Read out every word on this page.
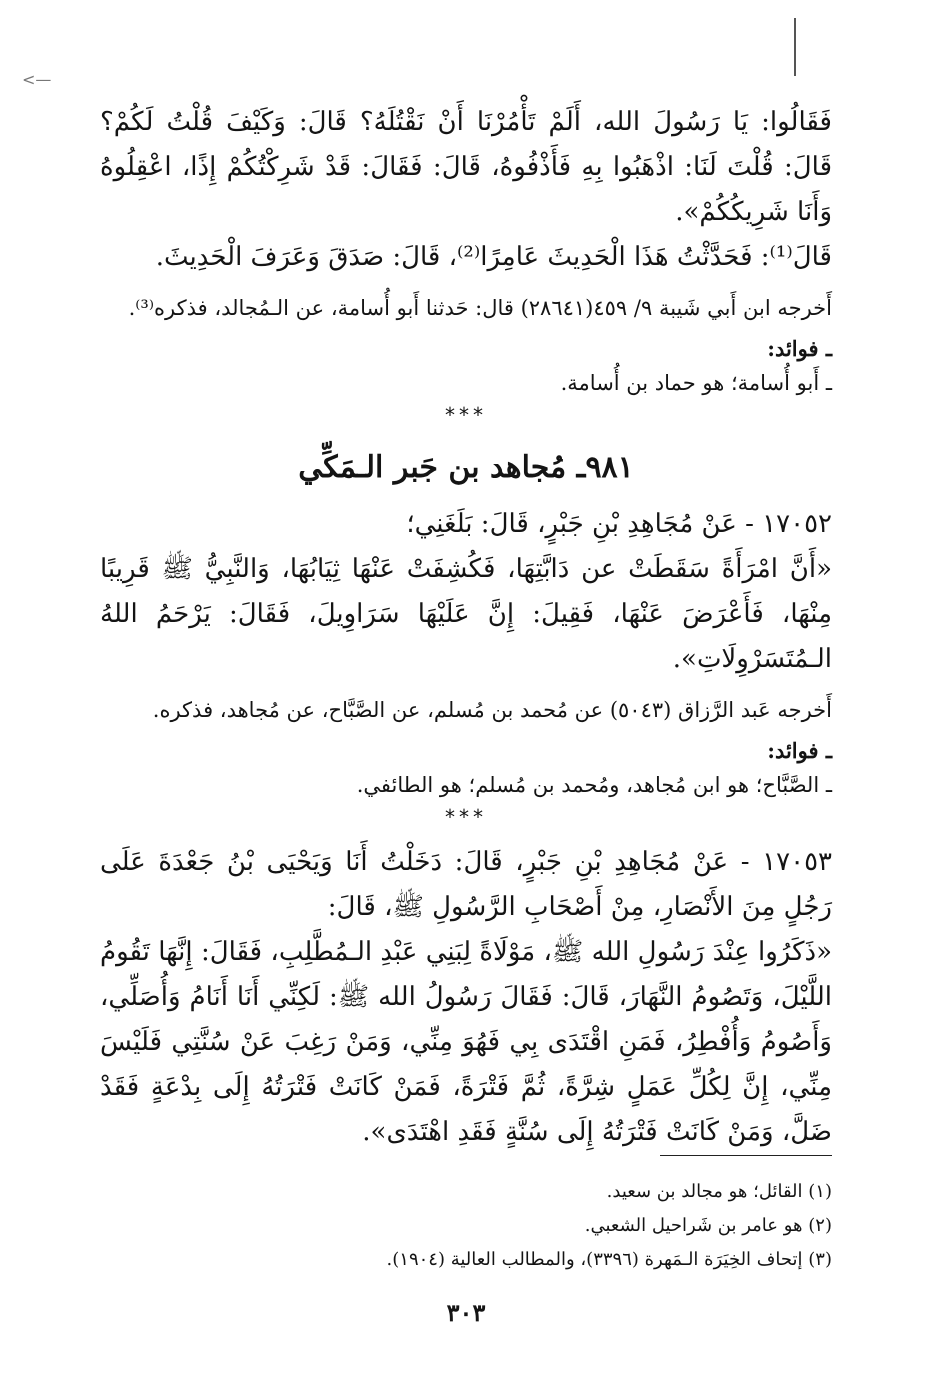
<—

فَقَالُوا: يَا رَسُولَ الله، أَلَمْ تَأْمُرْنَا أَنْ نَقْتُلَهُ؟ قَالَ: وَكَيْفَ قُلْتُ لَكُمْ؟ قَالَ: قُلْتَ لَنَا: اذْهَبُوا بِهِ فَأَذْفُوهُ، قَالَ: فَقَالَ: قَدْ شَرِكْتُكُمْ إِذًا، اعْقِلُوهُ وَأَنَا شَرِيكُكُمْ».

قَالَ⁽¹⁾: فَحَدَّثْتُ هَذَا الْحَدِيثَ عَامِرًا⁽²⁾، قَالَ: صَدَقَ وَعَرَفَ الْحَدِيثَ.

أَخرجه ابن أَبي شَيبة ٩/ ٤٥٩(٢٨٦٤١) قال: حَدثنا أَبو أُسامة، عن الـمُجالد، فذكره⁽³⁾.

ـ فوائد:

ـ أَبو أُسامة؛ هو حماد بن أُسامة.

***

٩٨١ـ مُجاهد بن جَبر الـمَكِّي

١٧٠٥٢ - عَنْ مُجَاهِدِ بْنِ جَبْرٍ، قَالَ: بَلَغَنِي؛

«أَنَّ امْرَأَةً سَقَطَتْ عن دَابَّتِهَا، فَكُشِفَتْ عَنْهَا ثِيَابُهَا، وَالنَّبِيُّ ﷺ قَرِيبًا مِنْهَا، فَأَعْرَضَ عَنْهَا، فَقِيلَ: إِنَّ عَلَيْهَا سَرَاوِيلَ، فَقَالَ: يَرْحَمُ اللهُ الـمُتَسَرْوِلَاتِ».

أَخرجه عَبد الرَّزاق (٥٠٤٣) عن مُحمد بن مُسلم، عن الصَّبَّاح، عن مُجاهد، فذكره.

ـ فوائد:

ـ الصَّبَّاح؛ هو ابن مُجاهد، ومُحمد بن مُسلم؛ هو الطائفي.

***

١٧٠٥٣ - عَنْ مُجَاهِدِ بْنِ جَبْرٍ، قَالَ: دَخَلْتُ أَنَا وَيَحْيَى بْنُ جَعْدَةَ عَلَى رَجُلٍ مِنَ الأَنْصَارِ، مِنْ أَصْحَابِ الرَّسُولِ ﷺ، قَالَ:

«ذَكَرُوا عِنْدَ رَسُولِ الله ﷺ، مَوْلَاةً لِبَنِي عَبْدِ الـمُطَّلِبِ، فَقَالَ: إِنَّهَا تَقُومُ اللَّيْلَ، وَتَصُومُ النَّهَارَ، قَالَ: فَقَالَ رَسُولُ الله ﷺ: لَكِنِّي أَنَا أَنَامُ وَأُصَلِّي، وَأَصُومُ وَأُفْطِرُ، فَمَنِ اقْتَدَى بِي فَهُوَ مِنِّي، وَمَنْ رَغِبَ عَنْ سُنَّتِي فَلَيْسَ مِنِّي، إِنَّ لِكُلِّ عَمَلٍ شِرَّةً، ثُمَّ فَتْرَةً، فَمَنْ كَانَتْ فَتْرَتُهُ إِلَى بِدْعَةٍ فَقَدْ ضَلَّ، وَمَنْ كَانَتْ فَتْرَتُهُ إِلَى سُنَّةٍ فَقَدِ اهْتَدَى».

(١) القائل؛ هو مجالد بن سعيد.

(٢) هو عامر بن شَراحيل الشعبي.

(٣) إتحاف الخِيَرَة الـمَهرة (٣٣٩٦)، والمطالب العالية (١٩٠٤).

٣٠٣
